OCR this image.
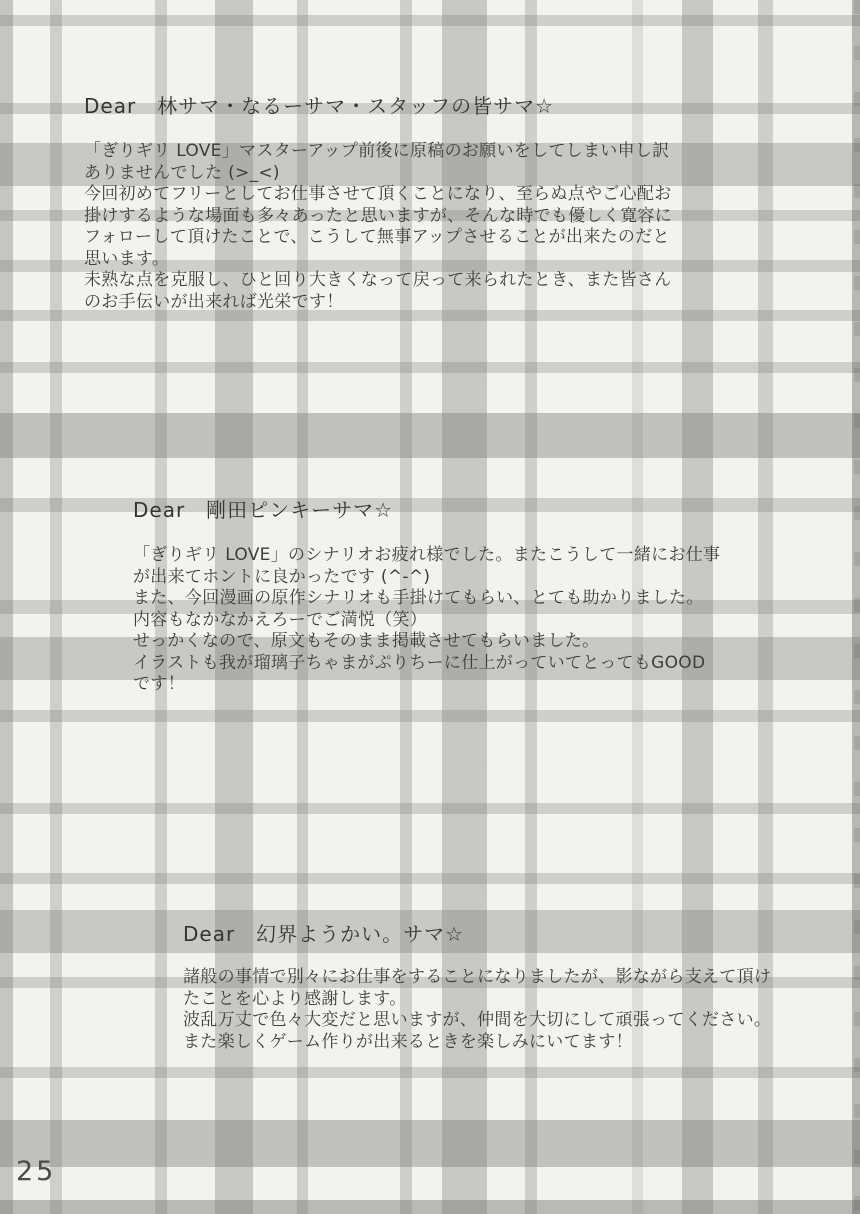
Dear　林サマ・なるーサマ・スタッフの皆サマ☆
「ぎりギリ LOVE」マスターアップ前後に原稿のお願いをしてしまい申し訳
ありませんでした (>_<)
今回初めてフリーとしてお仕事させて頂くことになり、至らぬ点やご心配お
掛けするような場面も多々あったと思いますが、そんな時でも優しく寛容に
フォローして頂けたことで、こうして無事アップさせることが出来たのだと
思います。
未熟な点を克服し、ひと回り大きくなって戻って来られたとき、また皆さん
のお手伝いが出来れば光栄です！
Dear　剛田ピンキーサマ☆
「ぎりギリ LOVE」のシナリオお疲れ様でした。またこうして一緒にお仕事
が出来てホントに良かったです (^-^)
また、今回漫画の原作シナリオも手掛けてもらい、とても助かりました。
内容もなかなかえろーでご満悦（笑）
せっかくなので、原文もそのまま掲載させてもらいました。
イラストも我が瑠璃子ちゃまがぷりちーに仕上がっていてとってもGOOD
です！
Dear　幻界ようかい。サマ☆
諸般の事情で別々にお仕事をすることになりましたが、影ながら支えて頂け
たことを心より感謝します。
波乱万丈で色々大変だと思いますが、仲間を大切にして頑張ってください。
また楽しくゲーム作りが出来るときを楽しみにいてます！
25
